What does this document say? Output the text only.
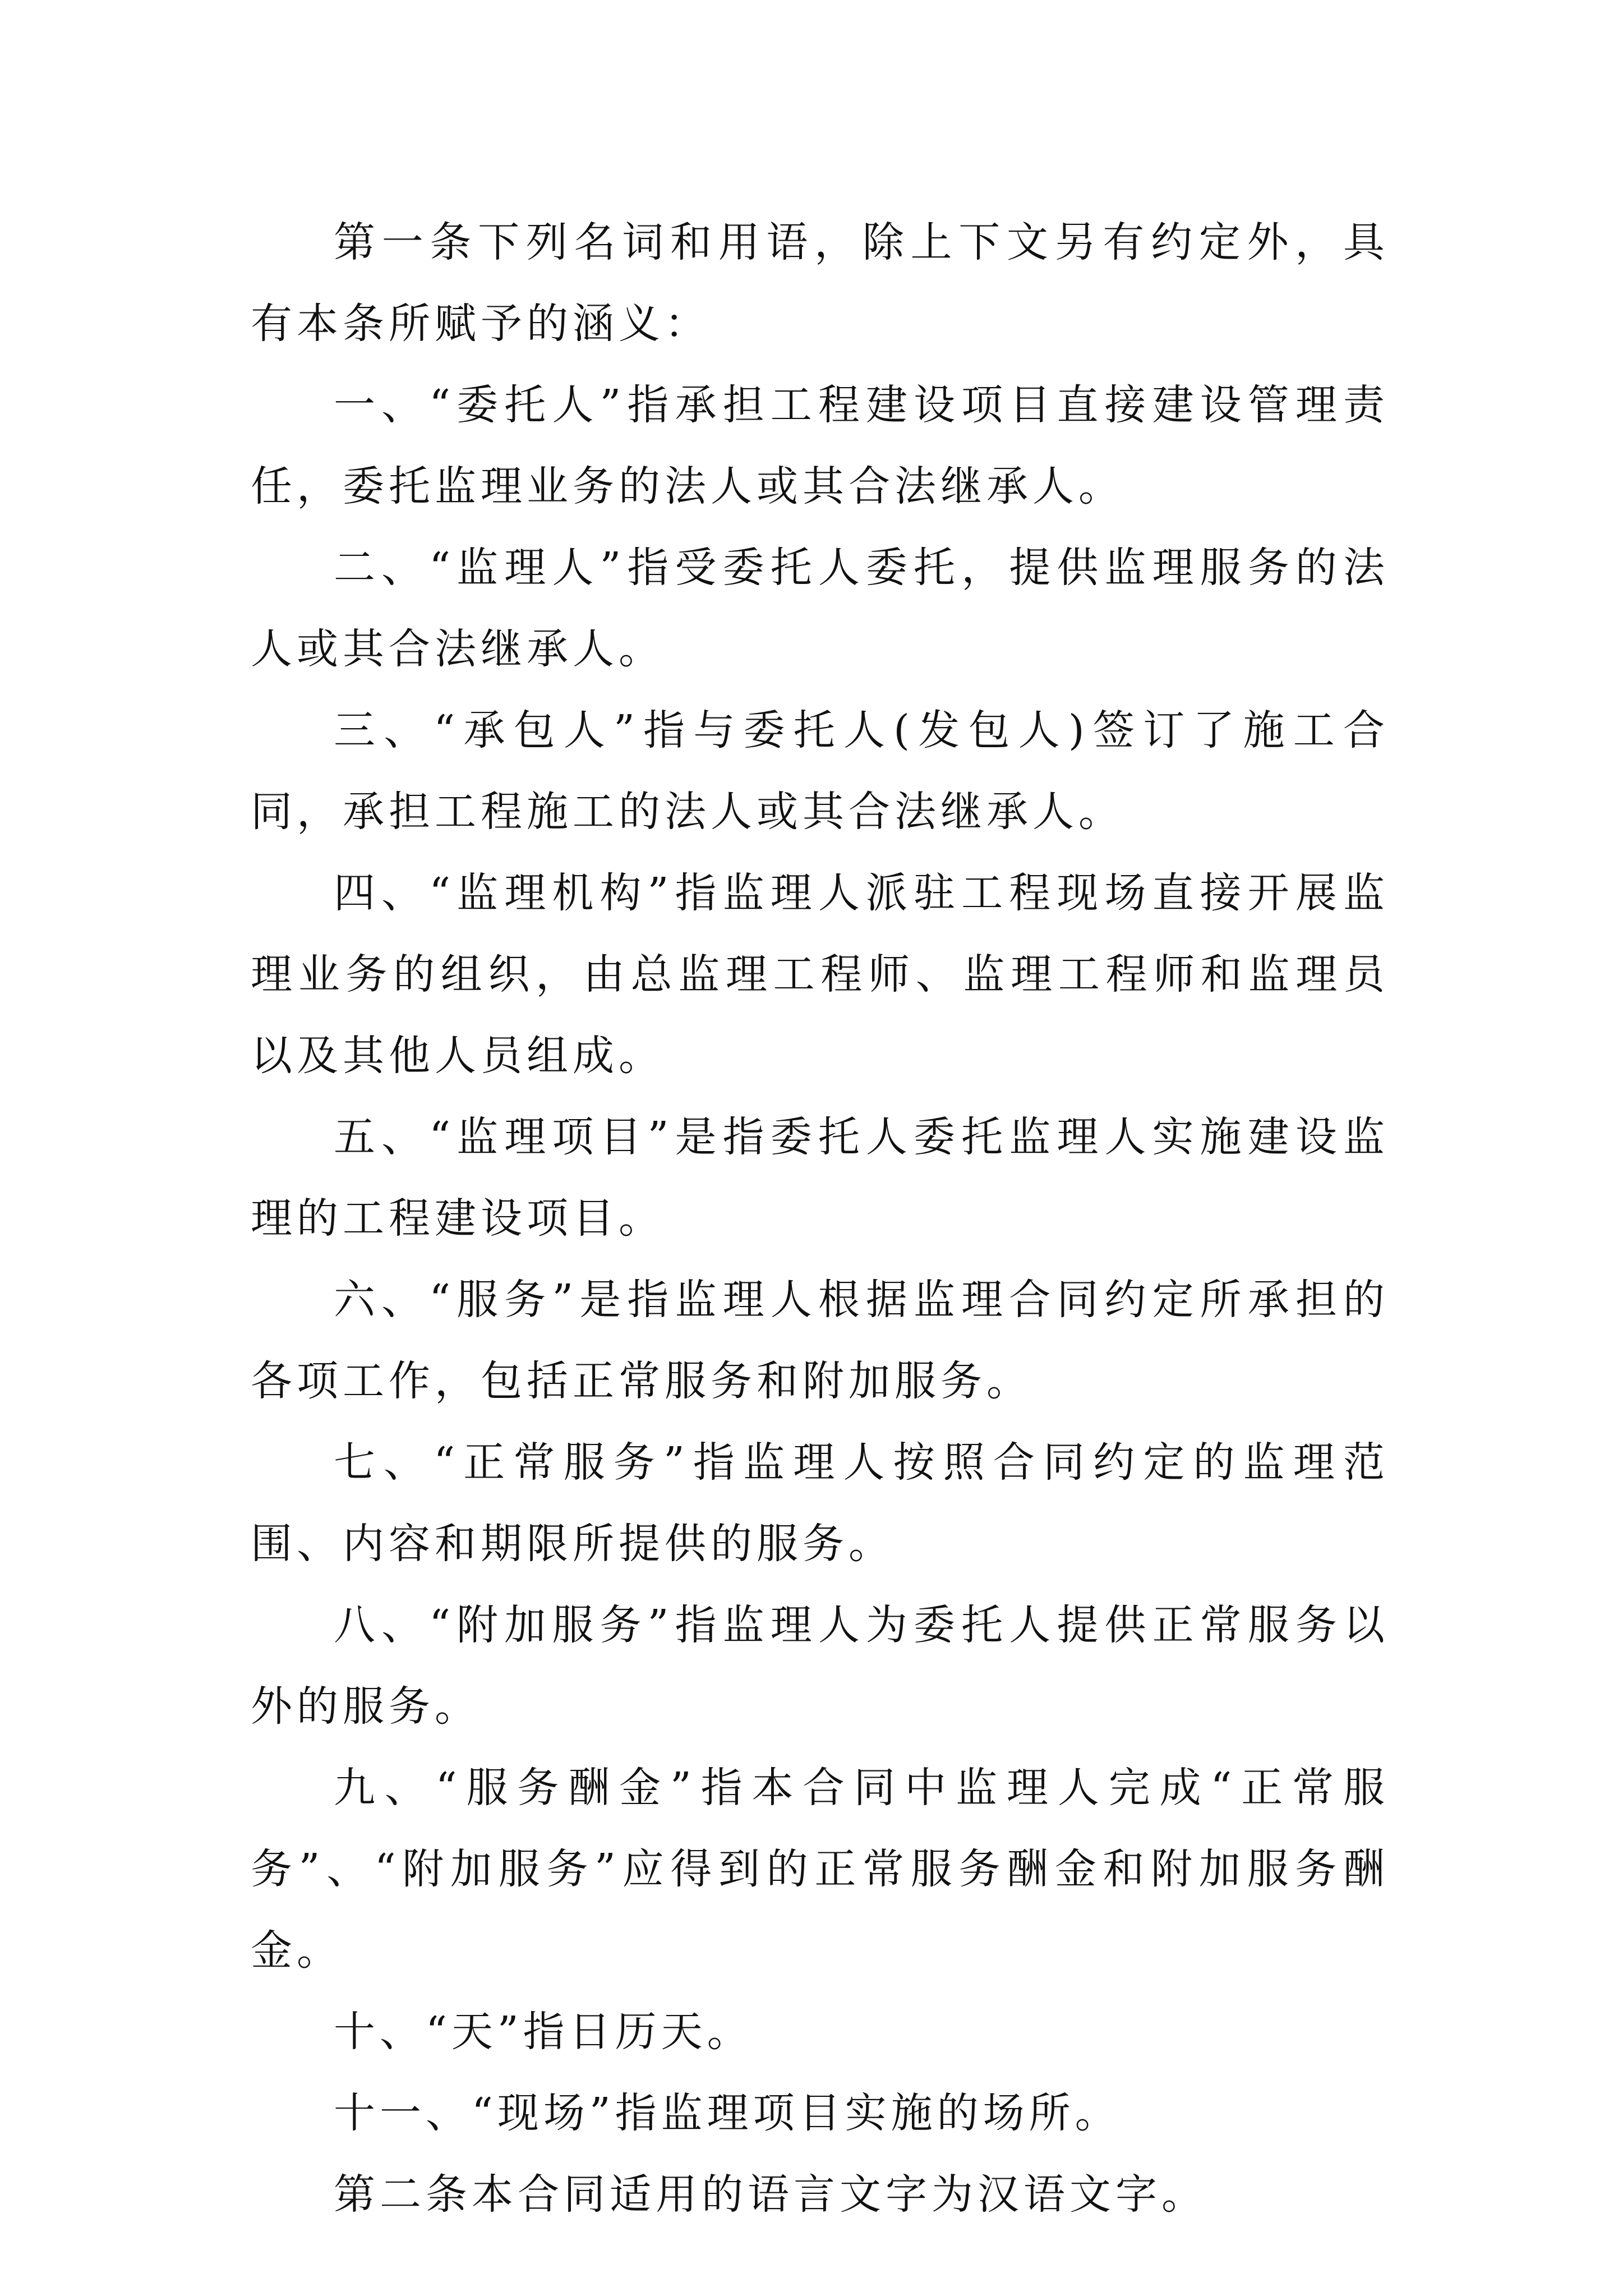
第一条下列名词和用语，除上下文另有约定外，具有本条所赋予的涵义：

一、“委托人”指承担工程建设项目直接建设管理责任，委托监理业务的法人或其合法继承人。

二、“监理人”指受委托人委托，提供监理服务的法人或其合法继承人。

三、“承包人”指与委托人(发包人)签订了施工合同，承担工程施工的法人或其合法继承人。

四、“监理机构”指监理人派驻工程现场直接开展监理业务的组织，由总监理工程师、监理工程师和监理员以及其他人员组成。

五、“监理项目”是指委托人委托监理人实施建设监理的工程建设项目。

六、“服务”是指监理人根据监理合同约定所承担的各项工作，包括正常服务和附加服务。

七、“正常服务”指监理人按照合同约定的监理范围、内容和期限所提供的服务。

八、“附加服务”指监理人为委托人提供正常服务以外的服务。

九、“服务酬金”指本合同中监理人完成“正常服务”、“附加服务”应得到的正常服务酬金和附加服务酬金。

十、“天”指日历天。

十一、“现场”指监理项目实施的场所。

第二条本合同适用的语言文字为汉语文字。
